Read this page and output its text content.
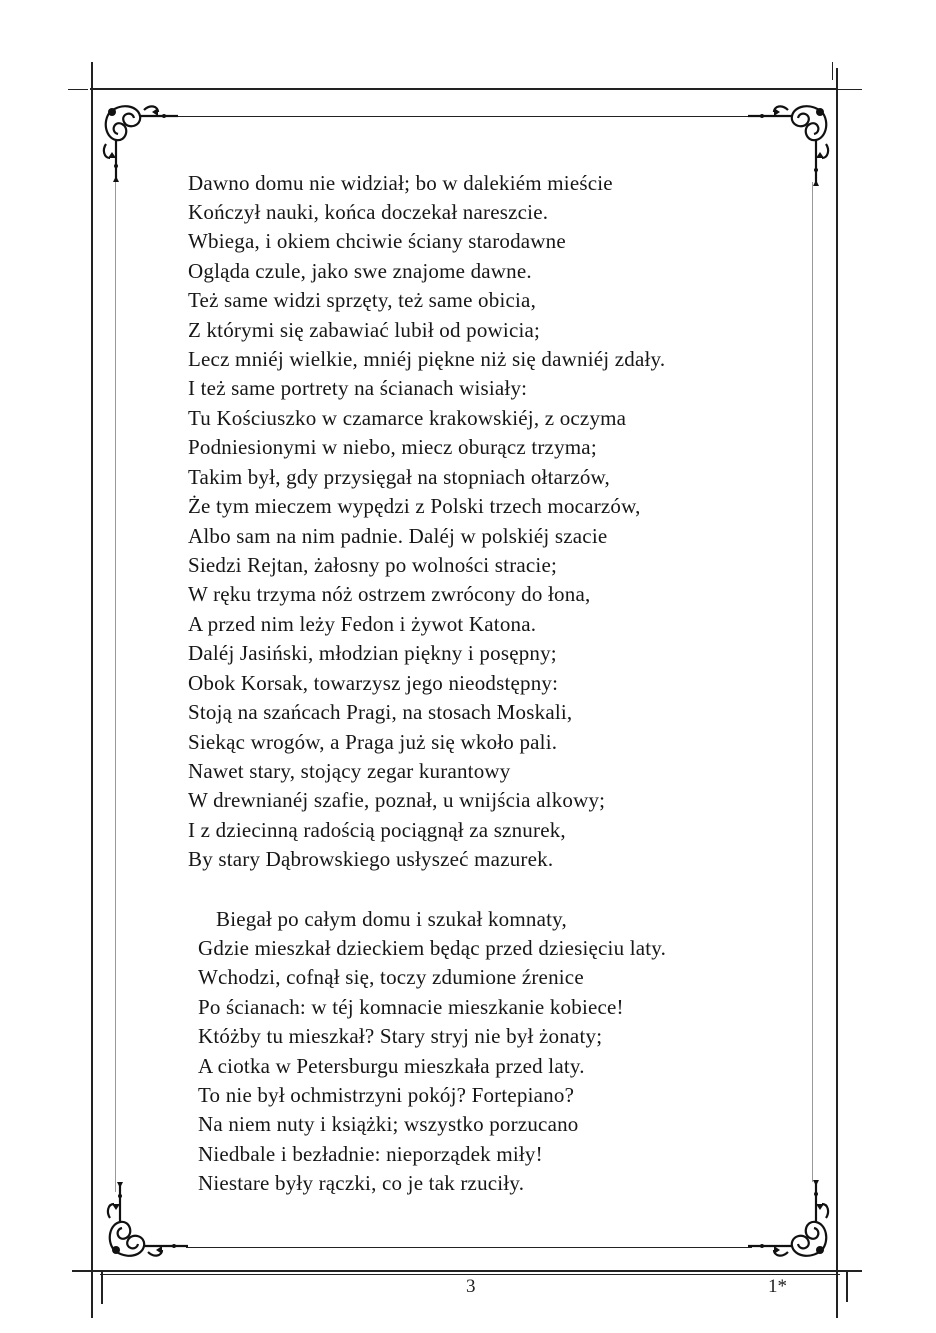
Dawno domu nie widział; bo w dalekiém mieście
Kończył nauki, końca doczekał nareszcie.
Wbiega, i okiem chciwie ściany starodawne
Ogląda czule, jako swe znajome dawne.
Też same widzi sprzęty, też same obicia,
Z którymi się zabawiać lubił od powicia;
Lecz mniéj wielkie, mniéj piękne niż się dawniéj zdały.
I też same portrety na ścianach wisiały:
Tu Kościuszko w czamarce krakowskiéj, z oczyma
Podniesionymi w niebo, miecz oburącz trzyma;
Takim był, gdy przysięgał na stopniach ołtarzów,
Że tym mieczem wypędzi z Polski trzech mocarzów,
Albo sam na nim padnie. Daléj w polskiéj szacie
Siedzi Rejtan, żałosny po wolności stracie;
W ręku trzyma nóż ostrzem zwrócony do łona,
A przed nim leży Fedon i żywot Katona.
Daléj Jasiński, młodzian piękny i posępny;
Obok Korsak, towarzysz jego nieodstępny:
Stoją na szańcach Pragi, na stosach Moskali,
Siekąc wrogów, a Praga już się wkoło pali.
Nawet stary, stojący zegar kurantowy
W drewnianéj szafie, poznał, u wnijścia alkowy;
I z dziecinną radością pociągnął za sznurek,
By stary Dąbrowskiego usłyszeć mazurek.
Biegał po całym domu i szukał komnaty,
Gdzie mieszkał dzieckiem będąc przed dziesięciu laty.
Wchodzi, cofnął się, toczy zdumione źrenice
Po ścianach: w téj komnacie mieszkanie kobiece!
Któżby tu mieszkał? Stary stryj nie był żonaty;
A ciotka w Petersburgu mieszkała przed laty.
To nie był ochmistrzyni pokój? Fortepiano?
Na niem nuty i książki; wszystko porzucano
Niedbale i bezładnie: nieporządek miły!
Niestare były rączki, co je tak rzuciły.
3	1*
